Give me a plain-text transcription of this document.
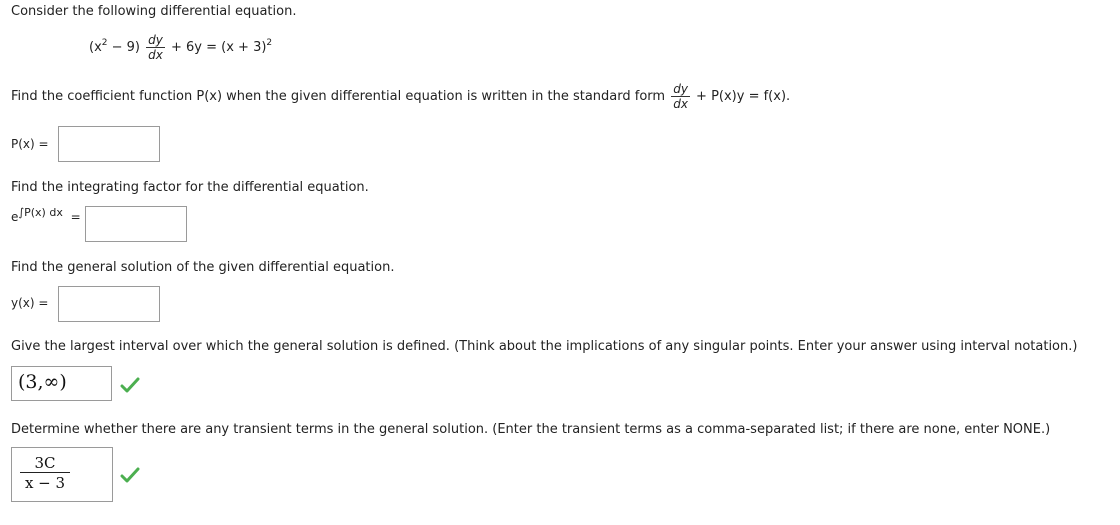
Consider the following differential equation.
$(x^2 - 9) \frac{dy}{dx} + 6y = (x + 3)^2$
Find the coefficient function P(x) when the given differential equation is written in the standard form $\frac{dy}{dx} + P(x)y = f(x)$.
P(x) =
Find the integrating factor for the differential equation.
$e^{\int P(x) dx}$ =
Find the general solution of the given differential equation.
y(x) =
Give the largest interval over which the general solution is defined. (Think about the implications of any singular points. Enter your answer using interval notation.)
(3,∞)
Determine whether there are any transient terms in the general solution. (Enter the transient terms as a comma-separated list; if there are none, enter NONE.)
$\frac{3C}{x - 3}$
